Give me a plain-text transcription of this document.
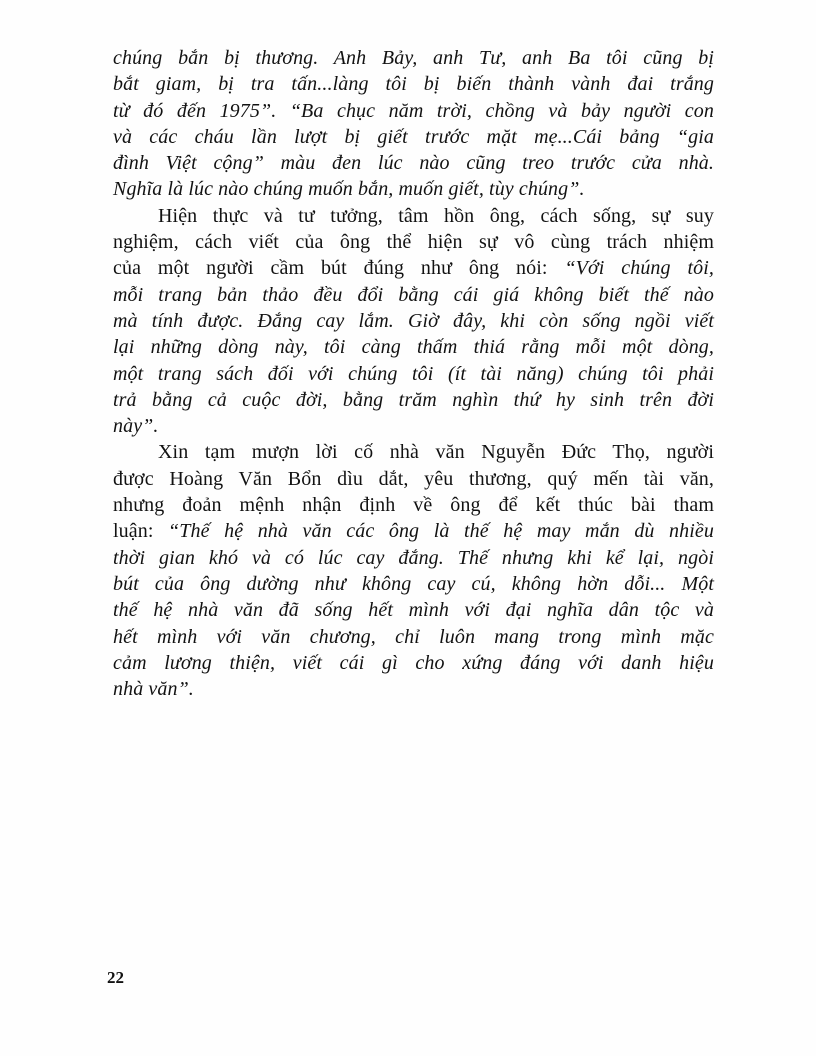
chúng bắn bị thương. Anh Bảy, anh Tư, anh Ba tôi cũng bị
bắt giam, bị tra tấn...làng tôi bị biến thành vành đai trắng
từ đó đến 1975”. “Ba chục năm trời, chồng và bảy người con
và các cháu lần lượt bị giết trước mặt mẹ...Cái bảng “gia
đình Việt cộng” màu đen lúc nào cũng treo trước cửa nhà.
Nghĩa là lúc nào chúng muốn bắn, muốn giết, tùy chúng”.
Hiện thực và tư tưởng, tâm hồn ông, cách sống, sự suy
nghiệm, cách viết của ông thể hiện sự vô cùng trách nhiệm
của một người cầm bút đúng như ông nói: “Với chúng tôi,
mỗi trang bản thảo đều đổi bằng cái giá không biết thế nào
mà tính được. Đắng cay lắm. Giờ đây, khi còn sống ngồi viết
lại những dòng này, tôi càng thấm thiá rằng mỗi một dòng,
một trang sách đối với chúng tôi (ít tài năng) chúng tôi phải
trả bằng cả cuộc đời, bằng trăm nghìn thứ hy sinh trên đời
này”.
Xin tạm mượn lời cố nhà văn Nguyễn Đức Thọ, người
được Hoàng Văn Bổn dìu dắt, yêu thương, quý mến tài văn,
nhưng đoản mệnh nhận định về ông để kết thúc bài tham
luận: “Thế hệ nhà văn các ông là thế hệ may mắn dù nhiều
thời gian khó và có lúc cay đắng. Thế nhưng khi kể lại, ngòi
bút của ông dường như không cay cú, không hờn dỗi... Một
thế hệ nhà văn đã sống hết mình với đại nghĩa dân tộc và
hết mình với văn chương, chỉ luôn mang trong mình mặc
cảm lương thiện, viết cái gì cho xứng đáng với danh hiệu
nhà văn”.
22
